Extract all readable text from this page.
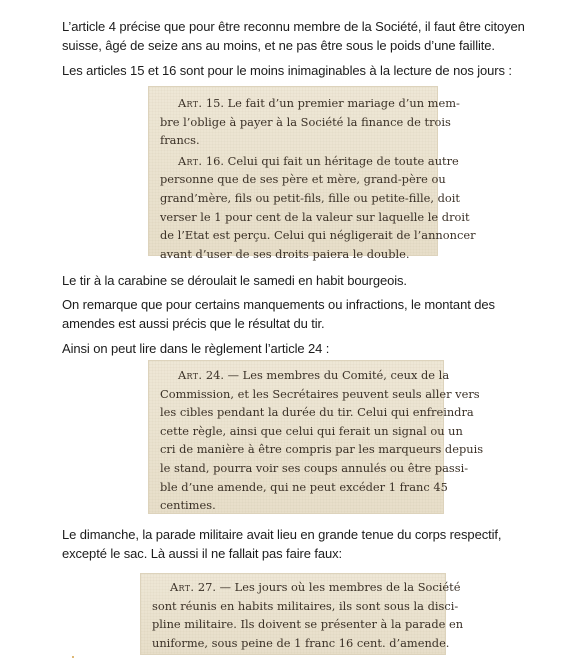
L’article 4 précise que pour être reconnu membre de la Société, il faut être citoyen suisse, âgé de seize ans au moins, et ne pas être sous le poids d’une faillite.

Les articles 15 et 16 sont pour le moins inimaginables à la lecture de nos jours :

Art. 15. Le fait d’un premier mariage d’un mem-
bre l’oblige à payer à la Société la finance de trois
francs.
Art. 16. Celui qui fait un héritage de toute autre
personne que de ses père et mère, grand-père ou
grand’mère, fils ou petit-fils, fille ou petite-fille, doit
verser le 1 pour cent de la valeur sur laquelle le droit
de l’Etat est perçu. Celui qui négligerait de l’annoncer
avant d’user de ses droits paiera le double.

Le tir à la carabine se déroulait le samedi en habit bourgeois.

On remarque que pour certains manquements ou infractions, le montant des amendes est aussi précis que le résultat du tir.

Ainsi on peut lire dans le règlement l’article 24 :

Art. 24. — Les membres du Comité, ceux de la
Commission, et les Secrétaires peuvent seuls aller vers
les cibles pendant la durée du tir. Celui qui enfreindra
cette règle, ainsi que celui qui ferait un signal ou un
cri de manière à être compris par les marqueurs depuis
le stand, pourra voir ses coups annulés ou être passi-
ble d’une amende, qui ne peut excéder 1 franc 45
centimes.

Le dimanche, la parade militaire avait lieu en grande tenue du corps respectif, excepté le sac. Là aussi il ne fallait pas faire faux:

Art. 27. — Les jours où les membres de la Société
sont réunis en habits militaires, ils sont sous la disci-
pline militaire. Ils doivent se présenter à la parade en
uniforme, sous peine de 1 franc 16 cent. d’amende.
